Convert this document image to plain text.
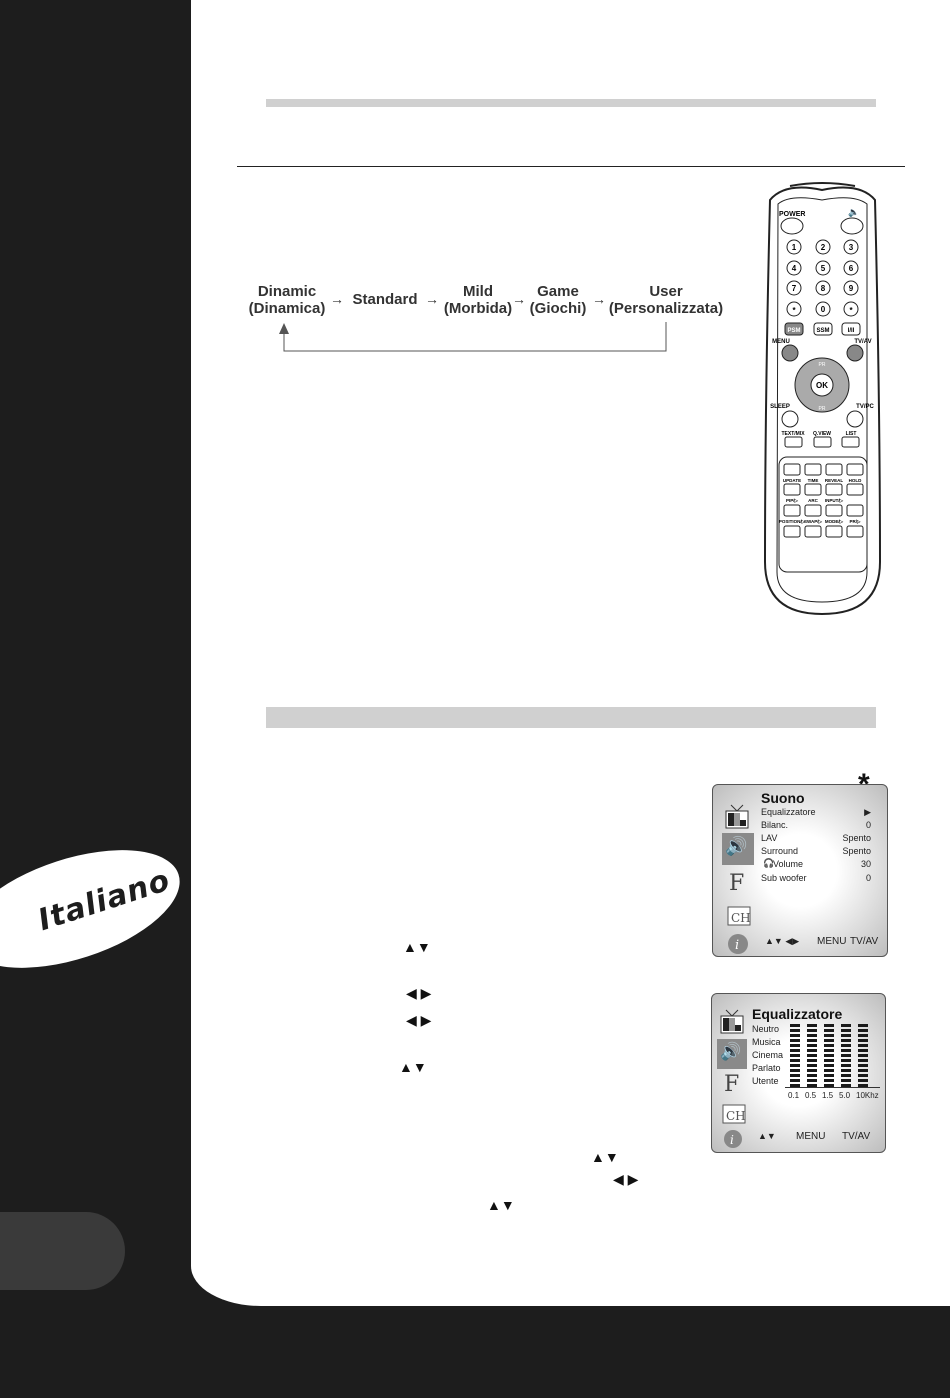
Dinamic
(Dinamica)
→ Standard →	Mild
(Morbida)
→ Game
(Giochi)
→	User
(Personalizzata)
POWER	🔈
1	2	3
4	5	6
7	8	9
*	0	*
PSM	SSM	I/II
MENU	TV/AV
OK
PR
PR
SLEEP	TV/PC
TEXT/MIX Q.VIEW	LIST
UPDATE TIME REVEAL HOLD
PIP/▷	ARC INPUT/▷
POSITION/▷
SWAP/▷ MODE/▷	PR/▷
Italiano
▲▼
◀ ▶
◀ ▶
▲▼
▲▼
◀ ▶
▲▼
Suono
🔊
F
CH
i
Equalizzatore	▶
Bilanc.	0
LAV	Spento
Surround	Spento
🎧
Volume	30
Sub woofer	0
▲▼ ◀▶ MENU TV/AV
Equalizzatore
🔊
F
CH
i
Neutro
Musica
Cinema
Parlato
Utente
0.1 0.5 1.5 5.0 10Khz
▲▼ MENU TV/AV
